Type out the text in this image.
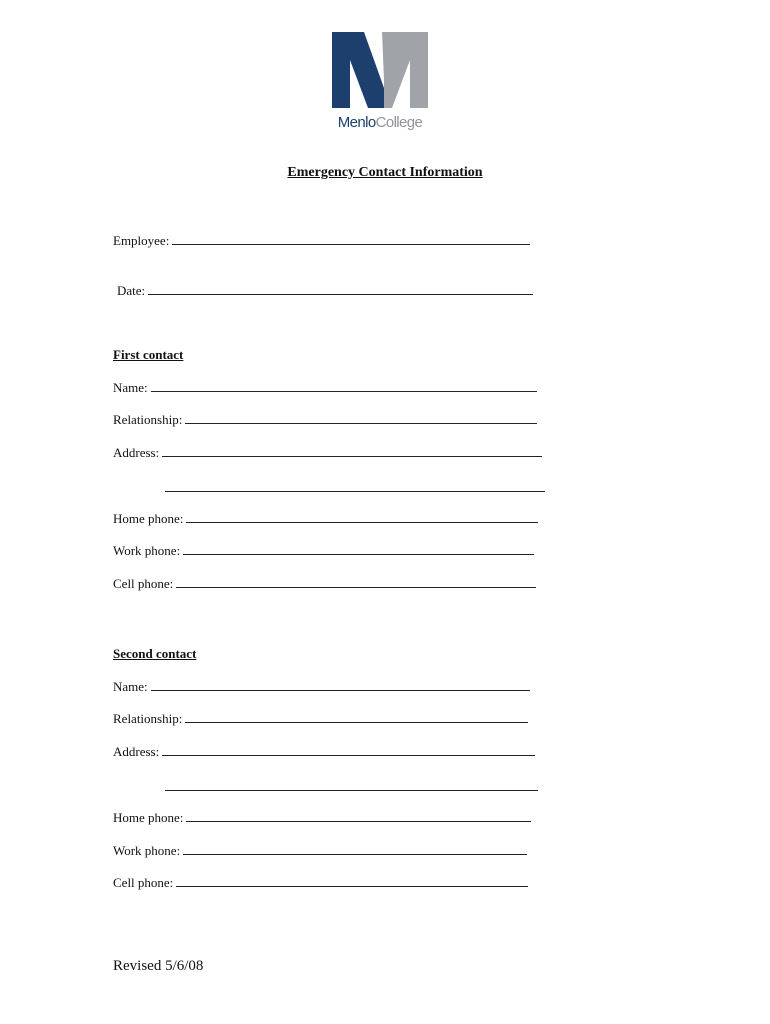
MenloCollege
Emergency Contact Information
Employee:
Date:
First contact
Name:
Relationship:
Address:
Home phone:
Work phone:
Cell phone:
Second contact
Name:
Relationship:
Address:
Home phone:
Work phone:
Cell phone:
Revised 5/6/08
